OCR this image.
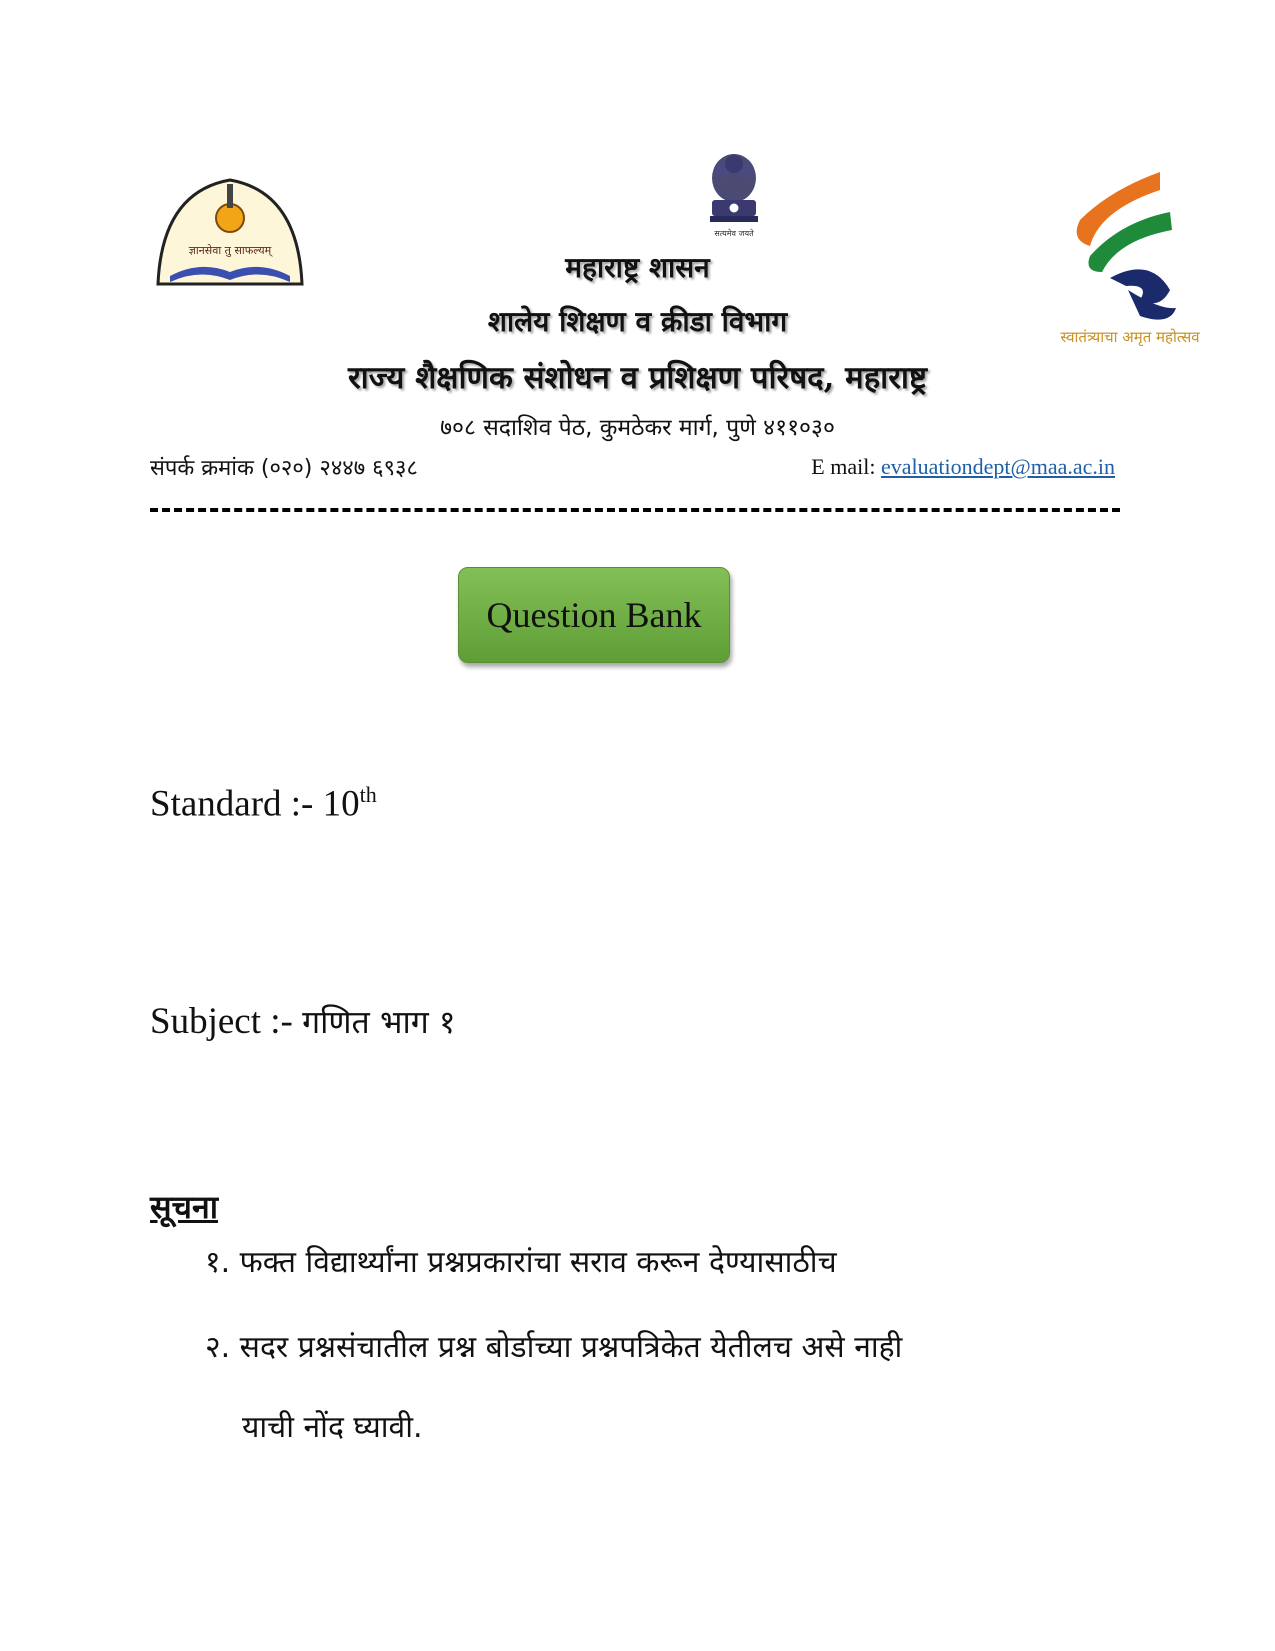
ज्ञानसेवा तु साफल्यम्
सत्यमेव जयते
स्वातंत्र्याचा अमृत महोत्सव
महाराष्ट्र शासन
शालेय शिक्षण व क्रीडा विभाग
राज्य शैक्षणिक संशोधन व प्रशिक्षण परिषद, महाराष्ट्र
७०८ सदाशिव पेठ, कुमठेकर मार्ग, पुणे ४११०३०
संपर्क क्रमांक (०२०) २४४७ ६९३८	E mail: evaluationdept@maa.ac.in
Question Bank
Standard :- 10th
Subject :- गणित भाग १
सूचना
१. फक्त विद्यार्थ्यांना प्रश्नप्रकारांचा सराव करून देण्यासाठीच
२. सदर प्रश्नसंचातील प्रश्न बोर्डाच्या प्रश्नपत्रिकेत येतीलच असे नाही
याची नोंद घ्यावी.
